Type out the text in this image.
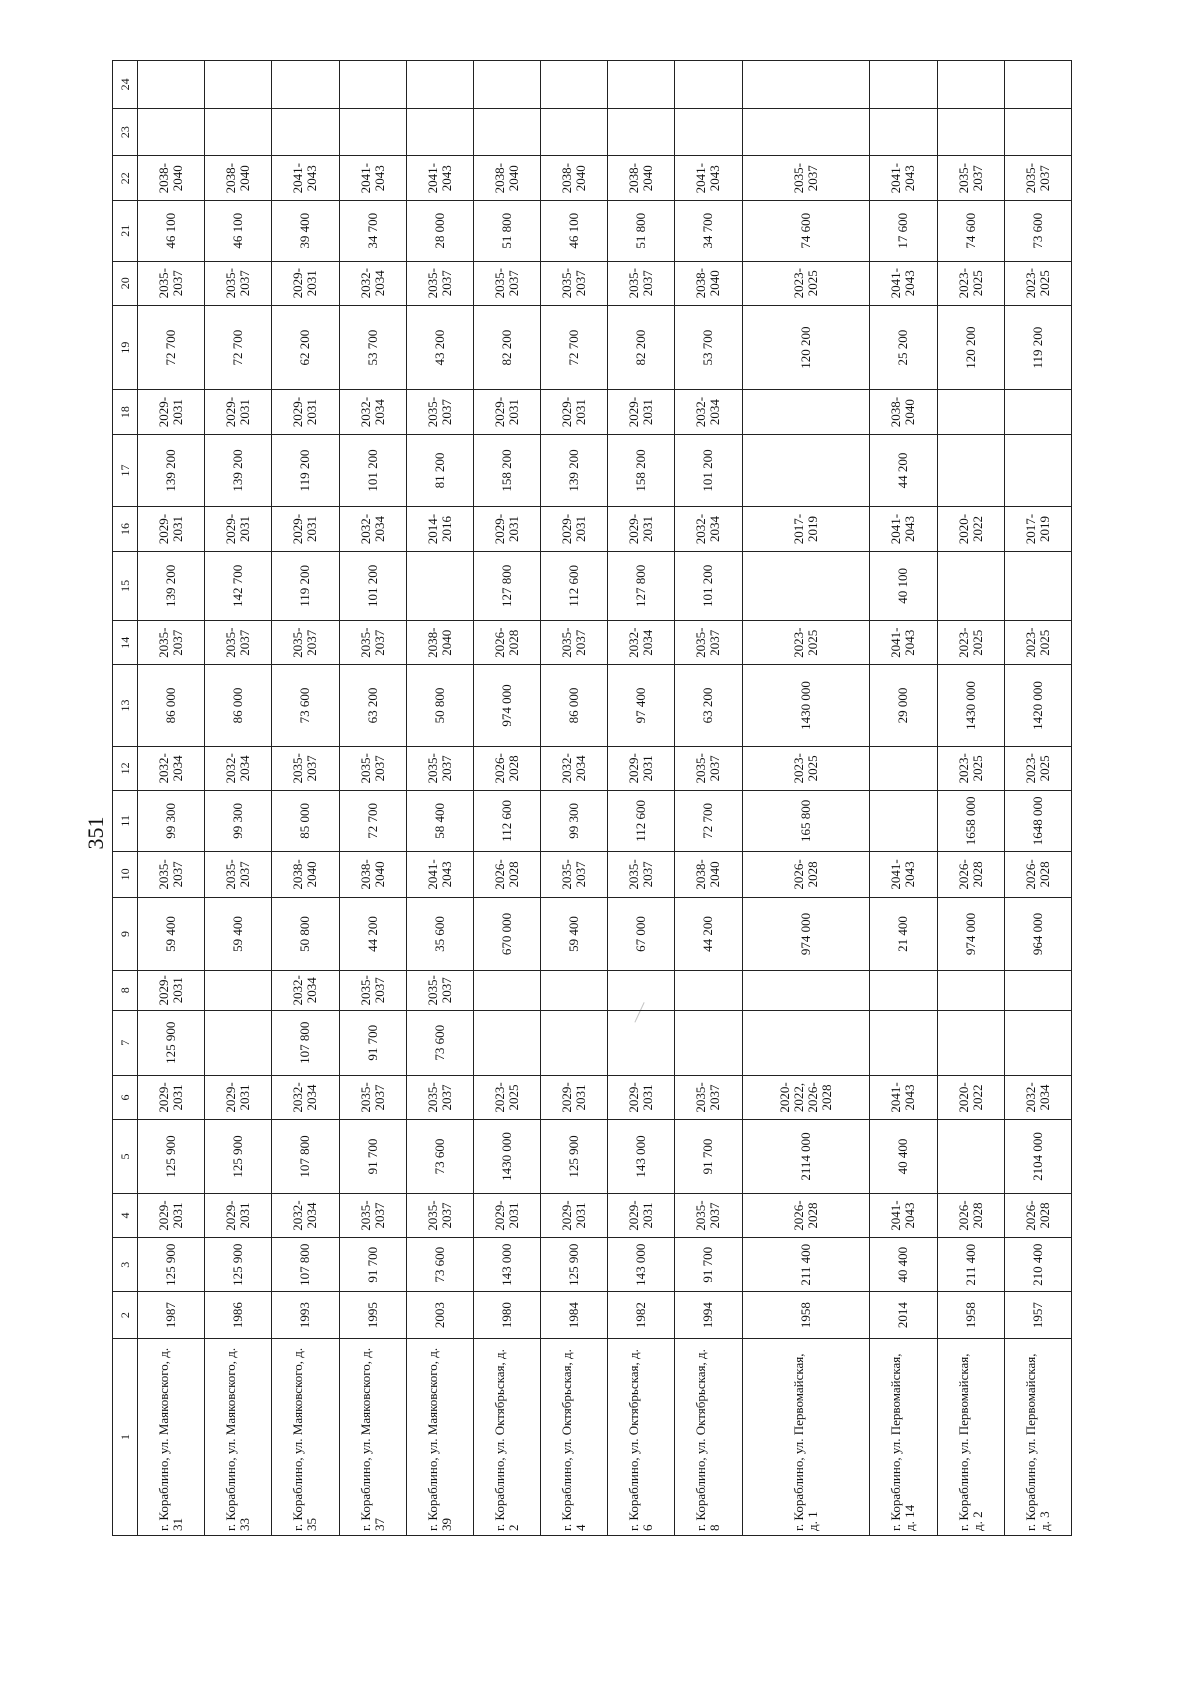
351
1	2	3	4	5	6	7	8	9	10	11	12	13	14	15	16	17	18	19	20	21	22	23	24
г. Кораблино, ул. Маяковского, д. 31	1987	125 900	2029-2031	125 900	2029-2031	125 900	2029-2031	59 400	2035-2037	99 300	2032-2034	86 000	2035-2037	139 200	2029-2031	139 200	2029-2031	72 700	2035-2037	46 100	2038-2040		
г. Кораблино, ул. Маяковского, д. 33	1986	125 900	2029-2031	125 900	2029-2031			59 400	2035-2037	99 300	2032-2034	86 000	2035-2037	142 700	2029-2031	139 200	2029-2031	72 700	2035-2037	46 100	2038-2040		
г. Кораблино, ул. Маяковского, д. 35	1993	107 800	2032-2034	107 800	2032-2034	107 800	2032-2034	50 800	2038-2040	85 000	2035-2037	73 600	2035-2037	119 200	2029-2031	119 200	2029-2031	62 200	2029-2031	39 400	2041-2043		
г. Кораблино, ул. Маяковского, д. 37	1995	91 700	2035-2037	91 700	2035-2037	91 700	2035-2037	44 200	2038-2040	72 700	2035-2037	63 200	2035-2037	101 200	2032-2034	101 200	2032-2034	53 700	2032-2034	34 700	2041-2043		
г. Кораблино, ул. Маяковского, д. 39	2003	73 600	2035-2037	73 600	2035-2037	73 600	2035-2037	35 600	2041-2043	58 400	2035-2037	50 800	2038-2040		2014-2016	81 200	2035-2037	43 200	2035-2037	28 000	2041-2043		
г. Кораблино, ул. Октябрьская, д. 2	1980	143 000	2029-2031	1430 000	2023-2025			670 000	2026-2028	112 600	2026-2028	974 000	2026-2028	127 800	2029-2031	158 200	2029-2031	82 200	2035-2037	51 800	2038-2040		
г. Кораблино, ул. Октябрьская, д. 4	1984	125 900	2029-2031	125 900	2029-2031			59 400	2035-2037	99 300	2032-2034	86 000	2035-2037	112 600	2029-2031	139 200	2029-2031	72 700	2035-2037	46 100	2038-2040		
г. Кораблино, ул. Октябрьская, д. 6	1982	143 000	2029-2031	143 000	2029-2031			67 000	2035-2037	112 600	2029-2031	97 400	2032-2034	127 800	2029-2031	158 200	2029-2031	82 200	2035-2037	51 800	2038-2040		
г. Кораблино, ул. Октябрьская, д. 8	1994	91 700	2035-2037	91 700	2035-2037			44 200	2038-2040	72 700	2035-2037	63 200	2035-2037	101 200	2032-2034	101 200	2032-2034	53 700	2038-2040	34 700	2041-2043		
г. Кораблино, ул. Первомайская, д. 1	1958	211 400	2026-2028	2114 000	2020-2022, 2026-2028			974 000	2026-2028	165 800	2023-2025	1430 000	2023-2025		2017-2019			120 200	2023-2025	74 600	2035-2037		
г. Кораблино, ул. Первомайская, д. 14	2014	40 400	2041-2043	40 400	2041-2043			21 400	2041-2043			29 000	2041-2043	40 100	2041-2043	44 200	2038-2040	25 200	2041-2043	17 600	2041-2043		
г. Кораблино, ул. Первомайская, д. 2	1958	211 400	2026-2028		2020-2022			974 000	2026-2028	1658 000	2023-2025	1430 000	2023-2025		2020-2022			120 200	2023-2025	74 600	2035-2037		
г. Кораблино, ул. Первомайская, д. 3	1957	210 400	2026-2028	2104 000	2032-2034			964 000	2026-2028	1648 000	2023-2025	1420 000	2023-2025		2017-2019			119 200	2023-2025	73 600	2035-2037		
